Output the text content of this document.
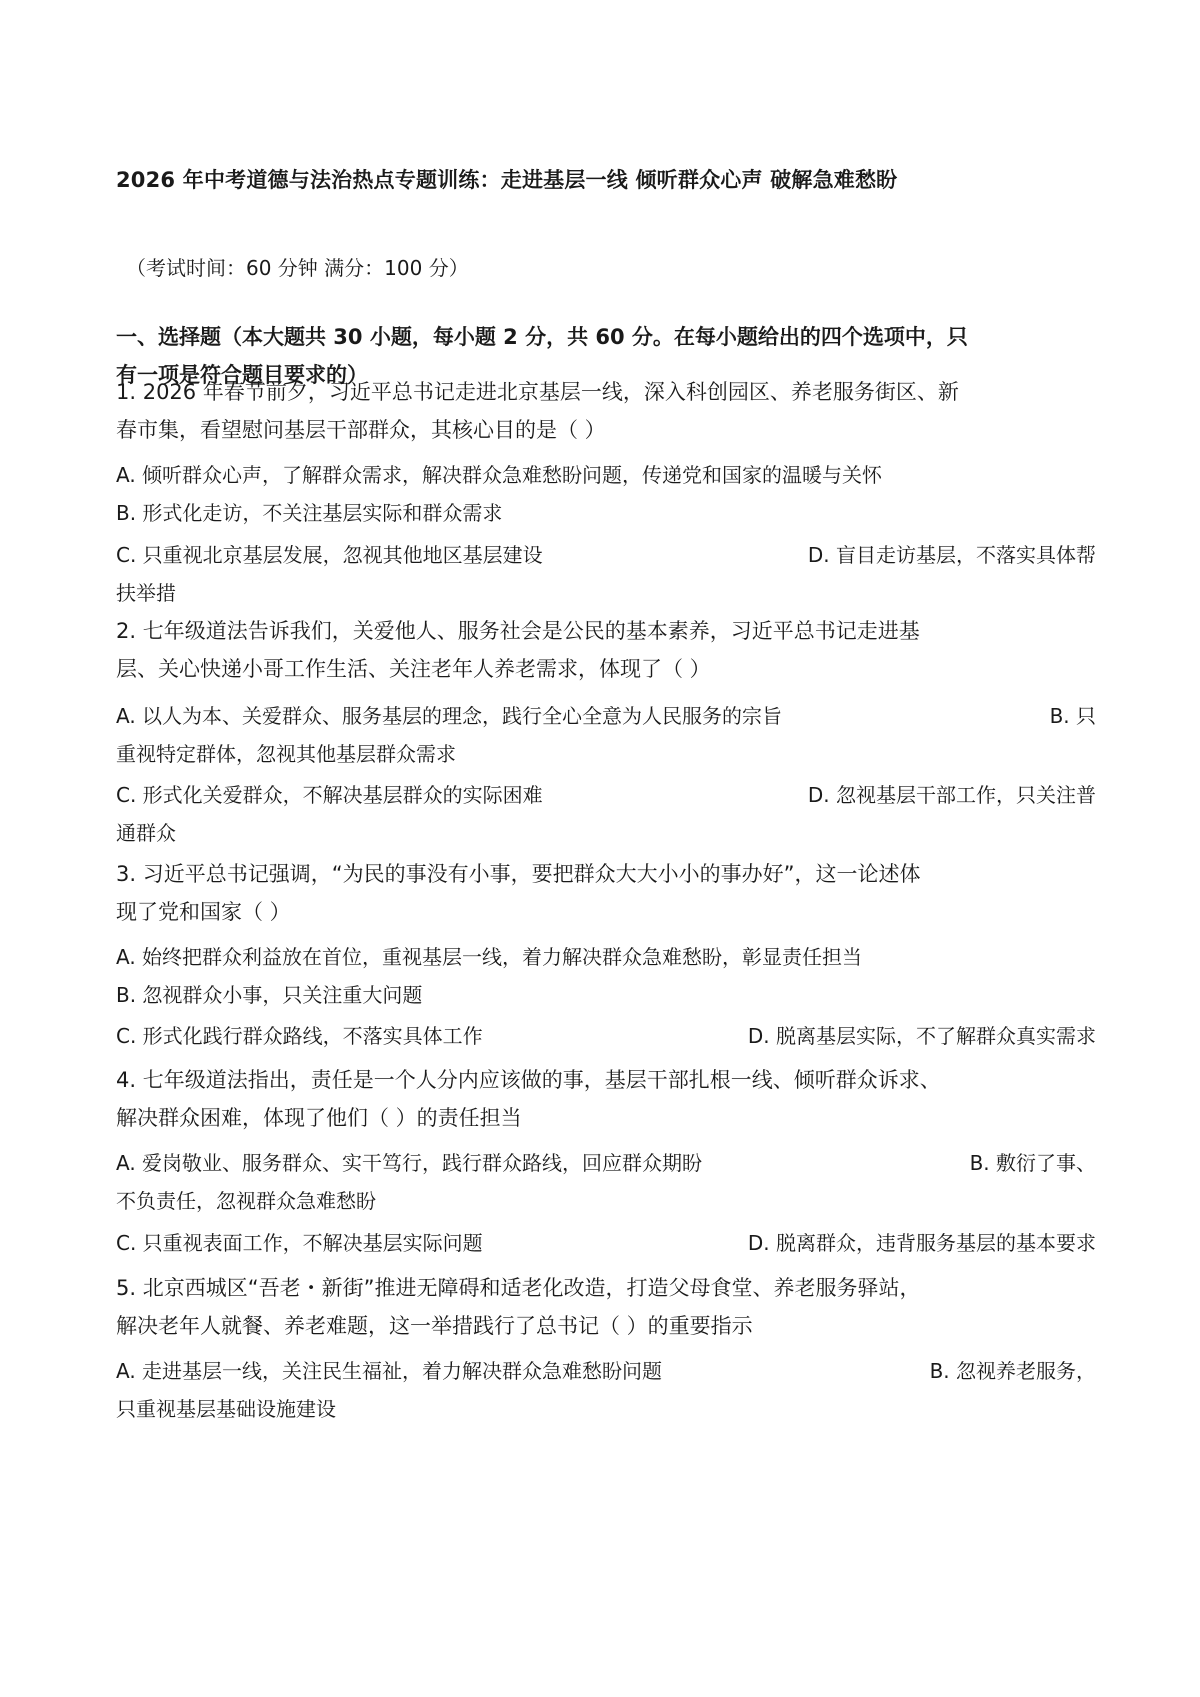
2026 年中考道德与法治热点专题训练：走进基层一线 倾听群众心声 破解急难愁盼
（考试时间：60 分钟 满分：100 分）
一、选择题（本大题共 30 小题，每小题 2 分，共 60 分。在每小题给出的四个选项中，只
有一项是符合题目要求的）
1. 2026 年春节前夕，习近平总书记走进北京基层一线，深入科创园区、养老服务街区、新
春市集，看望慰问基层干部群众，其核心目的是（ ）
A. 倾听群众心声，了解群众需求，解决群众急难愁盼问题，传递党和国家的温暖与关怀
B. 形式化走访，不关注基层实际和群众需求
C. 只重视北京基层发展，忽视其他地区基层建设	D. 盲目走访基层，不落实具体帮
扶举措
2. 七年级道法告诉我们，关爱他人、服务社会是公民的基本素养，习近平总书记走进基
层、关心快递小哥工作生活、关注老年人养老需求，体现了（ ）
A. 以人为本、关爱群众、服务基层的理念，践行全心全意为人民服务的宗旨	B. 只
重视特定群体，忽视其他基层群众需求
C. 形式化关爱群众，不解决基层群众的实际困难	D. 忽视基层干部工作，只关注普
通群众
3. 习近平总书记强调，“为民的事没有小事，要把群众大大小小的事办好”，这一论述体
现了党和国家（ ）
A. 始终把群众利益放在首位，重视基层一线，着力解决群众急难愁盼，彰显责任担当
B. 忽视群众小事，只关注重大问题
C. 形式化践行群众路线，不落实具体工作	D. 脱离基层实际，不了解群众真实需求
4. 七年级道法指出，责任是一个人分内应该做的事，基层干部扎根一线、倾听群众诉求、
解决群众困难，体现了他们（ ）的责任担当
A. 爱岗敬业、服务群众、实干笃行，践行群众路线，回应群众期盼	B. 敷衍了事、
不负责任，忽视群众急难愁盼
C. 只重视表面工作，不解决基层实际问题	D. 脱离群众，违背服务基层的基本要求
5. 北京西城区“吾老・新街”推进无障碍和适老化改造，打造父母食堂、养老服务驿站，
解决老年人就餐、养老难题，这一举措践行了总书记（ ）的重要指示
A. 走进基层一线，关注民生福祉，着力解决群众急难愁盼问题	B. 忽视养老服务，
只重视基层基础设施建设
